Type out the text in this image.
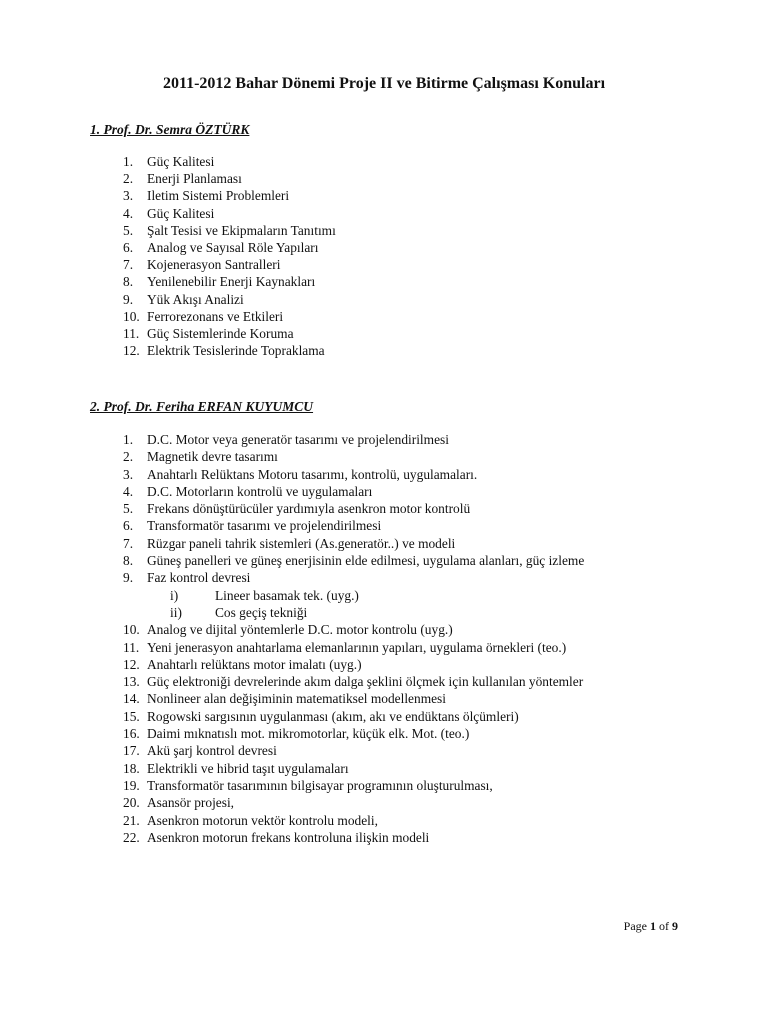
2011-2012 Bahar Dönemi Proje II ve Bitirme Çalışması Konuları
1. Prof. Dr. Semra ÖZTÜRK
1. Güç Kalitesi
2. Enerji Planlaması
3. Iletim Sistemi Problemleri
4. Güç Kalitesi
5. Şalt Tesisi ve Ekipmaların Tanıtımı
6. Analog ve Sayısal Röle Yapıları
7. Kojenerasyon Santralleri
8. Yenilenebilir Enerji Kaynakları
9. Yük Akışı Analizi
10. Ferrorezonans ve Etkileri
11. Güç Sistemlerinde Koruma
12. Elektrik Tesislerinde Topraklama
2. Prof. Dr. Feriha ERFAN KUYUMCU
1. D.C. Motor veya generatör tasarımı ve projelendirilmesi
2. Magnetik devre tasarımı
3. Anahtarlı Relüktans Motoru tasarımı, kontrolü, uygulamaları.
4. D.C. Motorların kontrolü ve uygulamaları
5. Frekans dönüştürücüler yardımıyla asenkron motor kontrolü
6. Transformatör tasarımı ve projelendirilmesi
7. Rüzgar paneli tahrik sistemleri (As.generatör..) ve modeli
8. Güneş panelleri ve güneş enerjisinin elde edilmesi, uygulama alanları, güç izleme
9. Faz kontrol devresi
i)	Lineer basamak tek. (uyg.)
ii) Cos geçiş tekniği
10. Analog ve dijital yöntemlerle D.C. motor kontrolu (uyg.)
11. Yeni jenerasyon anahtarlama elemanlarının yapıları, uygulama örnekleri (teo.)
12. Anahtarlı relüktans motor imalatı (uyg.)
13. Güç elektroniği devrelerinde akım dalga şeklini ölçmek için kullanılan yöntemler
14. Nonlineer alan değişiminin matematiksel modellenmesi
15. Rogowski sargısının uygulanması (akım, akı ve endüktans ölçümleri)
16. Daimi mıknatıslı mot. mikromotorlar, küçük elk. Mot. (teo.)
17. Akü şarj kontrol devresi
18. Elektrikli ve hibrid taşıt uygulamaları
19. Transformatör tasarımının bilgisayar programının oluşturulması,
20. Asansör projesi,
21. Asenkron motorun vektör kontrolu modeli,
22. Asenkron motorun frekans kontroluna ilişkin modeli
Page 1 of 9
